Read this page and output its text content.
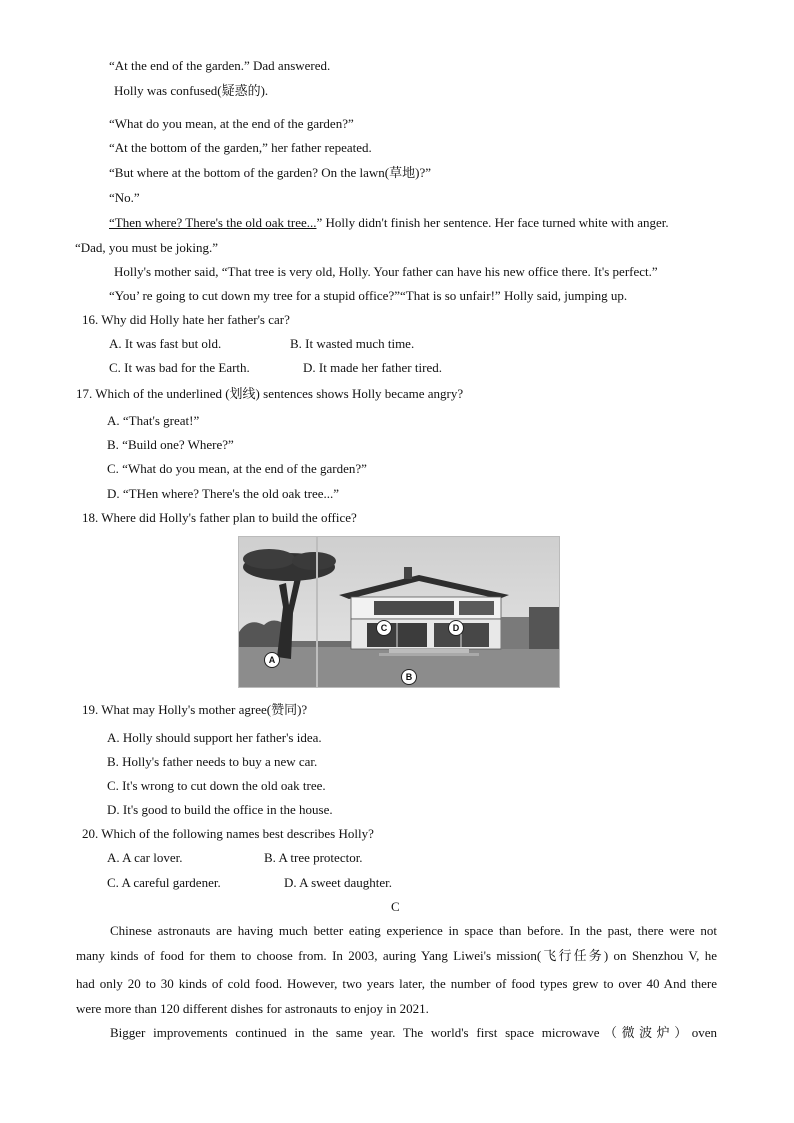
“At the end of the garden.” Dad answered.
Holly was confused(疑惑的).
“What do you mean, at the end of the garden?”
“At the bottom of the garden,” her father repeated.
“But where at the bottom of the garden? On the lawn(草地)?”
“No.”
“Then where? There's the old oak tree...” Holly didn't finish her sentence. Her face turned white with anger.
“Dad, you must be joking.”
Holly's mother said, “That tree is very old, Holly. Your father can have his new office there. It's perfect.”
“You’ re going to cut down my tree for a stupid office?”“That is so unfair!” Holly said, jumping up.
16. Why did Holly hate her father's car?
A. It was fast but old.	B. It wasted much time.
C. It was bad for the Earth.	D. It made her father tired.
17. Which of the underlined (划线) sentences shows Holly became angry?
A. “That's great!”
B. “Build one? Where?”
C. “What do you mean, at the end of the garden?”
D. “THen where? There's the old oak tree...”
18. Where did Holly's father plan to build the office?
A
B
C	D
19. What may Holly's mother agree(赞同)?
A. Holly should support her father's idea.
B. Holly's father needs to buy a new car.
C. It's wrong to cut down the old oak tree.
D. It's good to build the office in the house.
20. Which of the following names best describes Holly?
A. A car lover.	B. A tree protector.
C. A careful gardener.	D. A sweet daughter.
C
Chinese astronauts are having much better eating experience in space than before. In the past, there were not
many kinds of food for them to choose from. In 2003, auring Yang Liwei's mission(飞行任务) on Shenzhou V, he
had only 20 to 30 kinds of cold food. However, two years later, the number of food types grew to over 40 And there
were more than 120 different dishes for astronauts to enjoy in 2021.
Bigger improvements continued in the same year. The world's first space microwave（微波炉）oven
